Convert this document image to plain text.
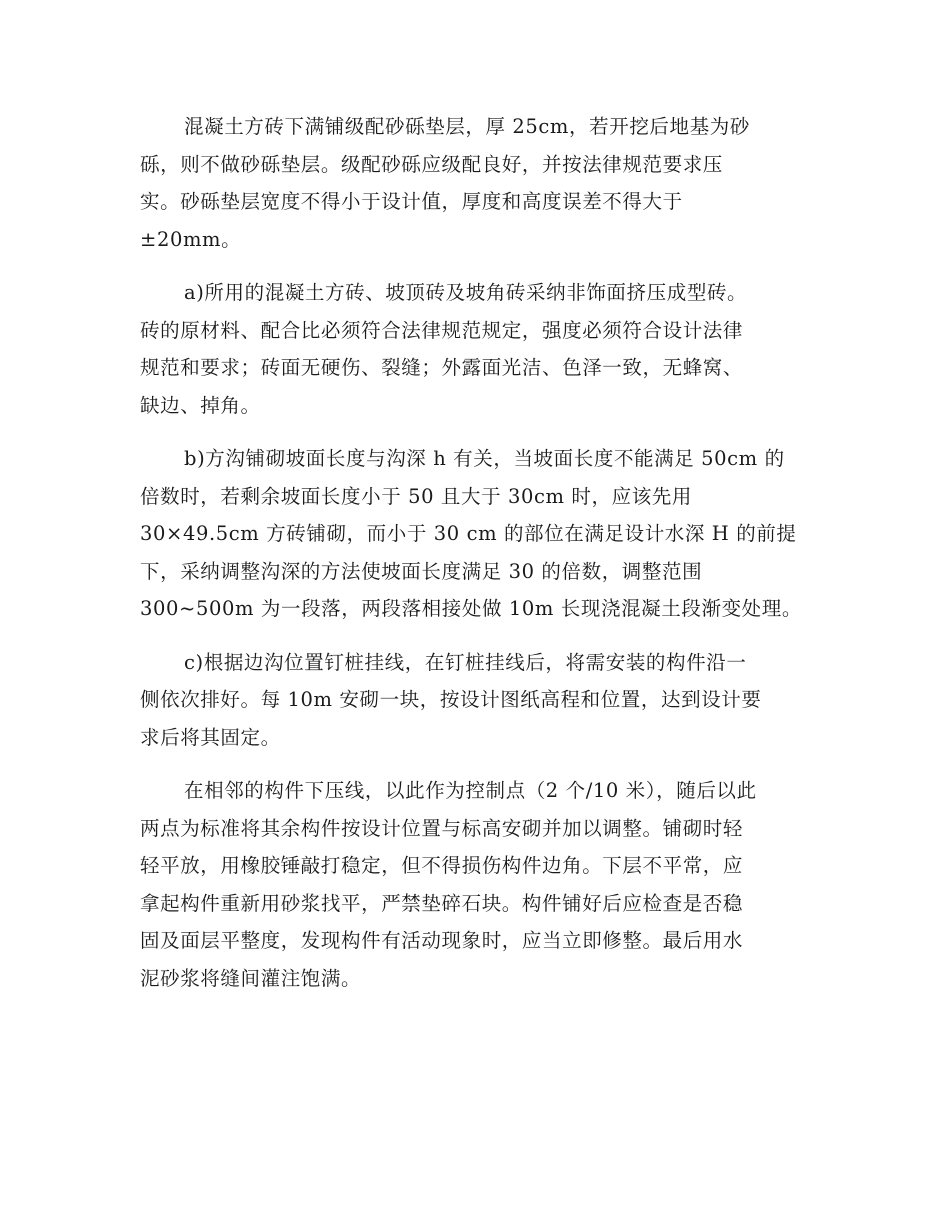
混凝土方砖下满铺级配砂砾垫层，厚 25cm，若开挖后地基为砂
砾，则不做砂砾垫层。级配砂砾应级配良好，并按法律规范要求压
实。砂砾垫层宽度不得小于设计值，厚度和高度误差不得大于
±20mm。

a)所用的混凝土方砖、坡顶砖及坡角砖采纳非饰面挤压成型砖。
砖的原材料、配合比必须符合法律规范规定，强度必须符合设计法律
规范和要求；砖面无硬伤、裂缝；外露面光洁、色泽一致，无蜂窝、
缺边、掉角。

b)方沟铺砌坡面长度与沟深 h 有关，当坡面长度不能满足 50cm 的
倍数时，若剩余坡面长度小于 50 且大于 30cm 时，应该先用
30×49.5cm 方砖铺砌，而小于 30 cm 的部位在满足设计水深 H 的前提
下，采纳调整沟深的方法使坡面长度满足 30 的倍数，调整范围
300~500m 为一段落，两段落相接处做 10m 长现浇混凝土段渐变处理。

c)根据边沟位置钉桩挂线，在钉桩挂线后，将需安装的构件沿一
侧依次排好。每 10m 安砌一块，按设计图纸高程和位置，达到设计要
求后将其固定。

在相邻的构件下压线，以此作为控制点（2 个/10 米），随后以此
两点为标准将其余构件按设计位置与标高安砌并加以调整。铺砌时轻
轻平放，用橡胶锤敲打稳定，但不得损伤构件边角。下层不平常，应
拿起构件重新用砂浆找平，严禁垫碎石块。构件铺好后应检查是否稳
固及面层平整度，发现构件有活动现象时，应当立即修整。最后用水
泥砂浆将缝间灌注饱满。
